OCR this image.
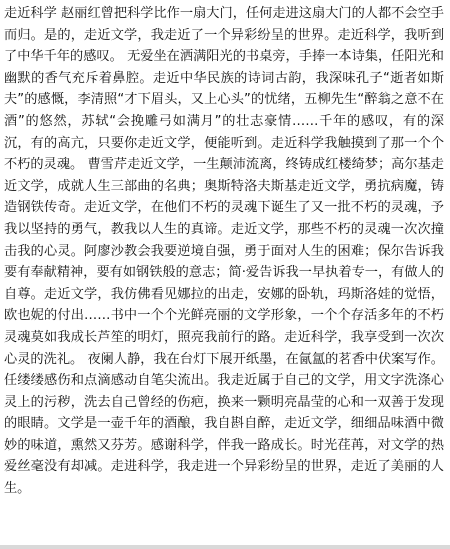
走近科学 赵丽红曾把科学比作一扇大门，任何走进这扇大门的人都不会空手而归。是的，走近文学，我走近了一个异彩纷呈的世界。走近科学，我听到了中华千年的感叹。 无爱坐在洒满阳光的书桌旁，手捧一本诗集，任阳光和幽默的香气充斥着鼻腔。走近中华民族的诗词古韵，我深味孔子“逝者如斯夫”的感慨，李清照“才下眉头，又上心头”的忧绪，五柳先生“醉翁之意不在酒”的悠然，苏轼“会挽雕弓如满月”的壮志豪情……千年的感叹，有的深沉，有的高亢，只要你走近文学，便能听到。走近科学我触摸到了那一个个不朽的灵魂。 曹雪芹走近文学，一生颠沛流离，终铸成红楼绮梦；高尔基走近文学，成就人生三部曲的名典；奥斯特洛夫斯基走近文学，勇抗病魔，铸造钢铁传奇。走近文学，在他们不朽的灵魂下诞生了又一批不朽的灵魂，予我以坚持的勇气，教我以人生的真谛。走近文学，那些不朽的灵魂一次次撞击我的心灵。阿廖沙教会我要逆境自强，勇于面对人生的困难；保尔告诉我要有奉献精神，要有如钢铁般的意志；简·爱告诉我一早执着专一，有做人的自尊。走近文学，我仿佛看见娜拉的出走，安娜的卧轨，玛斯洛娃的觉悟，欧也妮的付出……书中一个个光鲜亮丽的文学形象，一个个存活多年的不朽灵魂莫如我成长芦笙的明灯，照亮我前行的路。走近科学，我享受到一次次心灵的洗礼。 夜阑人静，我在台灯下展开纸墨，在氤氲的茗香中伏案写作。任缕缕感伤和点滴感动自笔尖流出。我走近属于自己的文学，用文字洗涤心灵上的污秽，洗去自己曾经的伤疤，换来一颗明亮晶莹的心和一双善于发现的眼睛。文学是一壶千年的酒酿，我自斟自醉，走近文学，细细品味酒中微妙的味道，熏然又芬芳。感谢科学，伴我一路成长。时光荏苒，对文学的热爱丝毫没有却减。走进科学，我走进一个异彩纷呈的世界，走近了美丽的人生。
